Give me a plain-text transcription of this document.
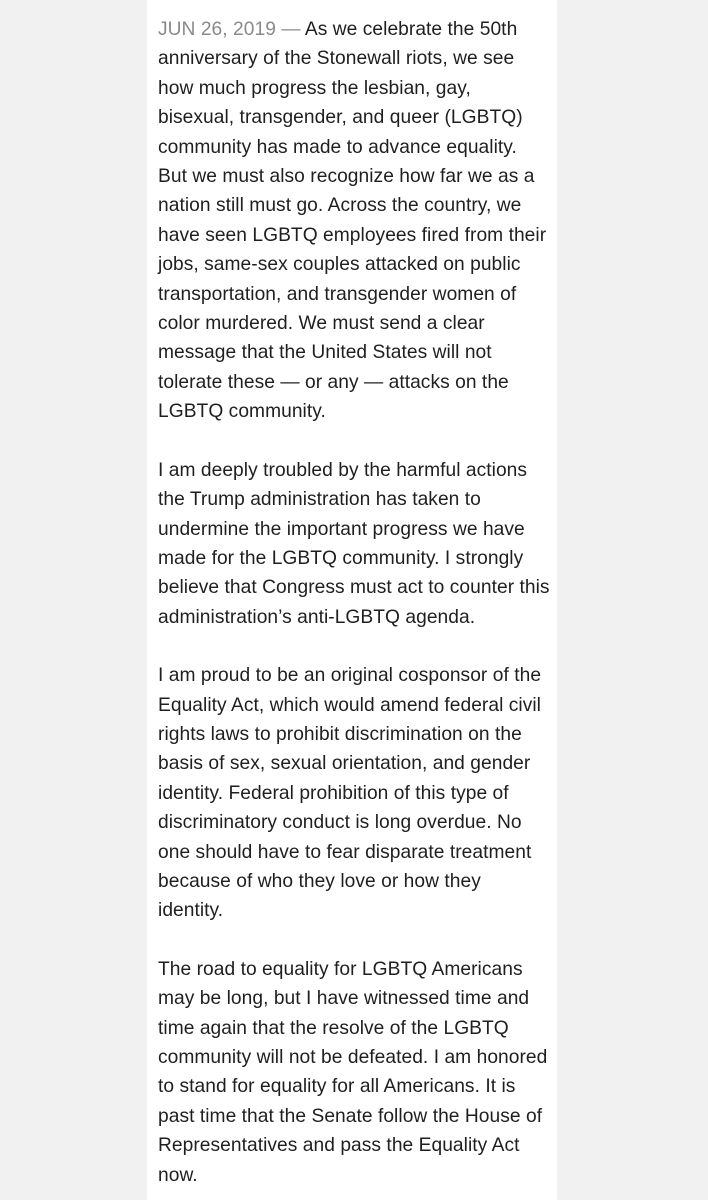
JUN 26, 2019 — As we celebrate the 50th anniversary of the Stonewall riots, we see how much progress the lesbian, gay, bisexual, transgender, and queer (LGBTQ) community has made to advance equality. But we must also recognize how far we as a nation still must go. Across the country, we have seen LGBTQ employees fired from their jobs, same-sex couples attacked on public transportation, and transgender women of color murdered. We must send a clear message that the United States will not tolerate these — or any — attacks on the LGBTQ community.

I am deeply troubled by the harmful actions the Trump administration has taken to undermine the important progress we have made for the LGBTQ community. I strongly believe that Congress must act to counter this administration’s anti-LGBTQ agenda.

I am proud to be an original cosponsor of the Equality Act, which would amend federal civil rights laws to prohibit discrimination on the basis of sex, sexual orientation, and gender identity. Federal prohibition of this type of discriminatory conduct is long overdue. No one should have to fear disparate treatment because of who they love or how they identity.

The road to equality for LGBTQ Americans may be long, but I have witnessed time and time again that the resolve of the LGBTQ community will not be defeated. I am honored to stand for equality for all Americans. It is past time that the Senate follow the House of Representatives and pass the Equality Act now.
